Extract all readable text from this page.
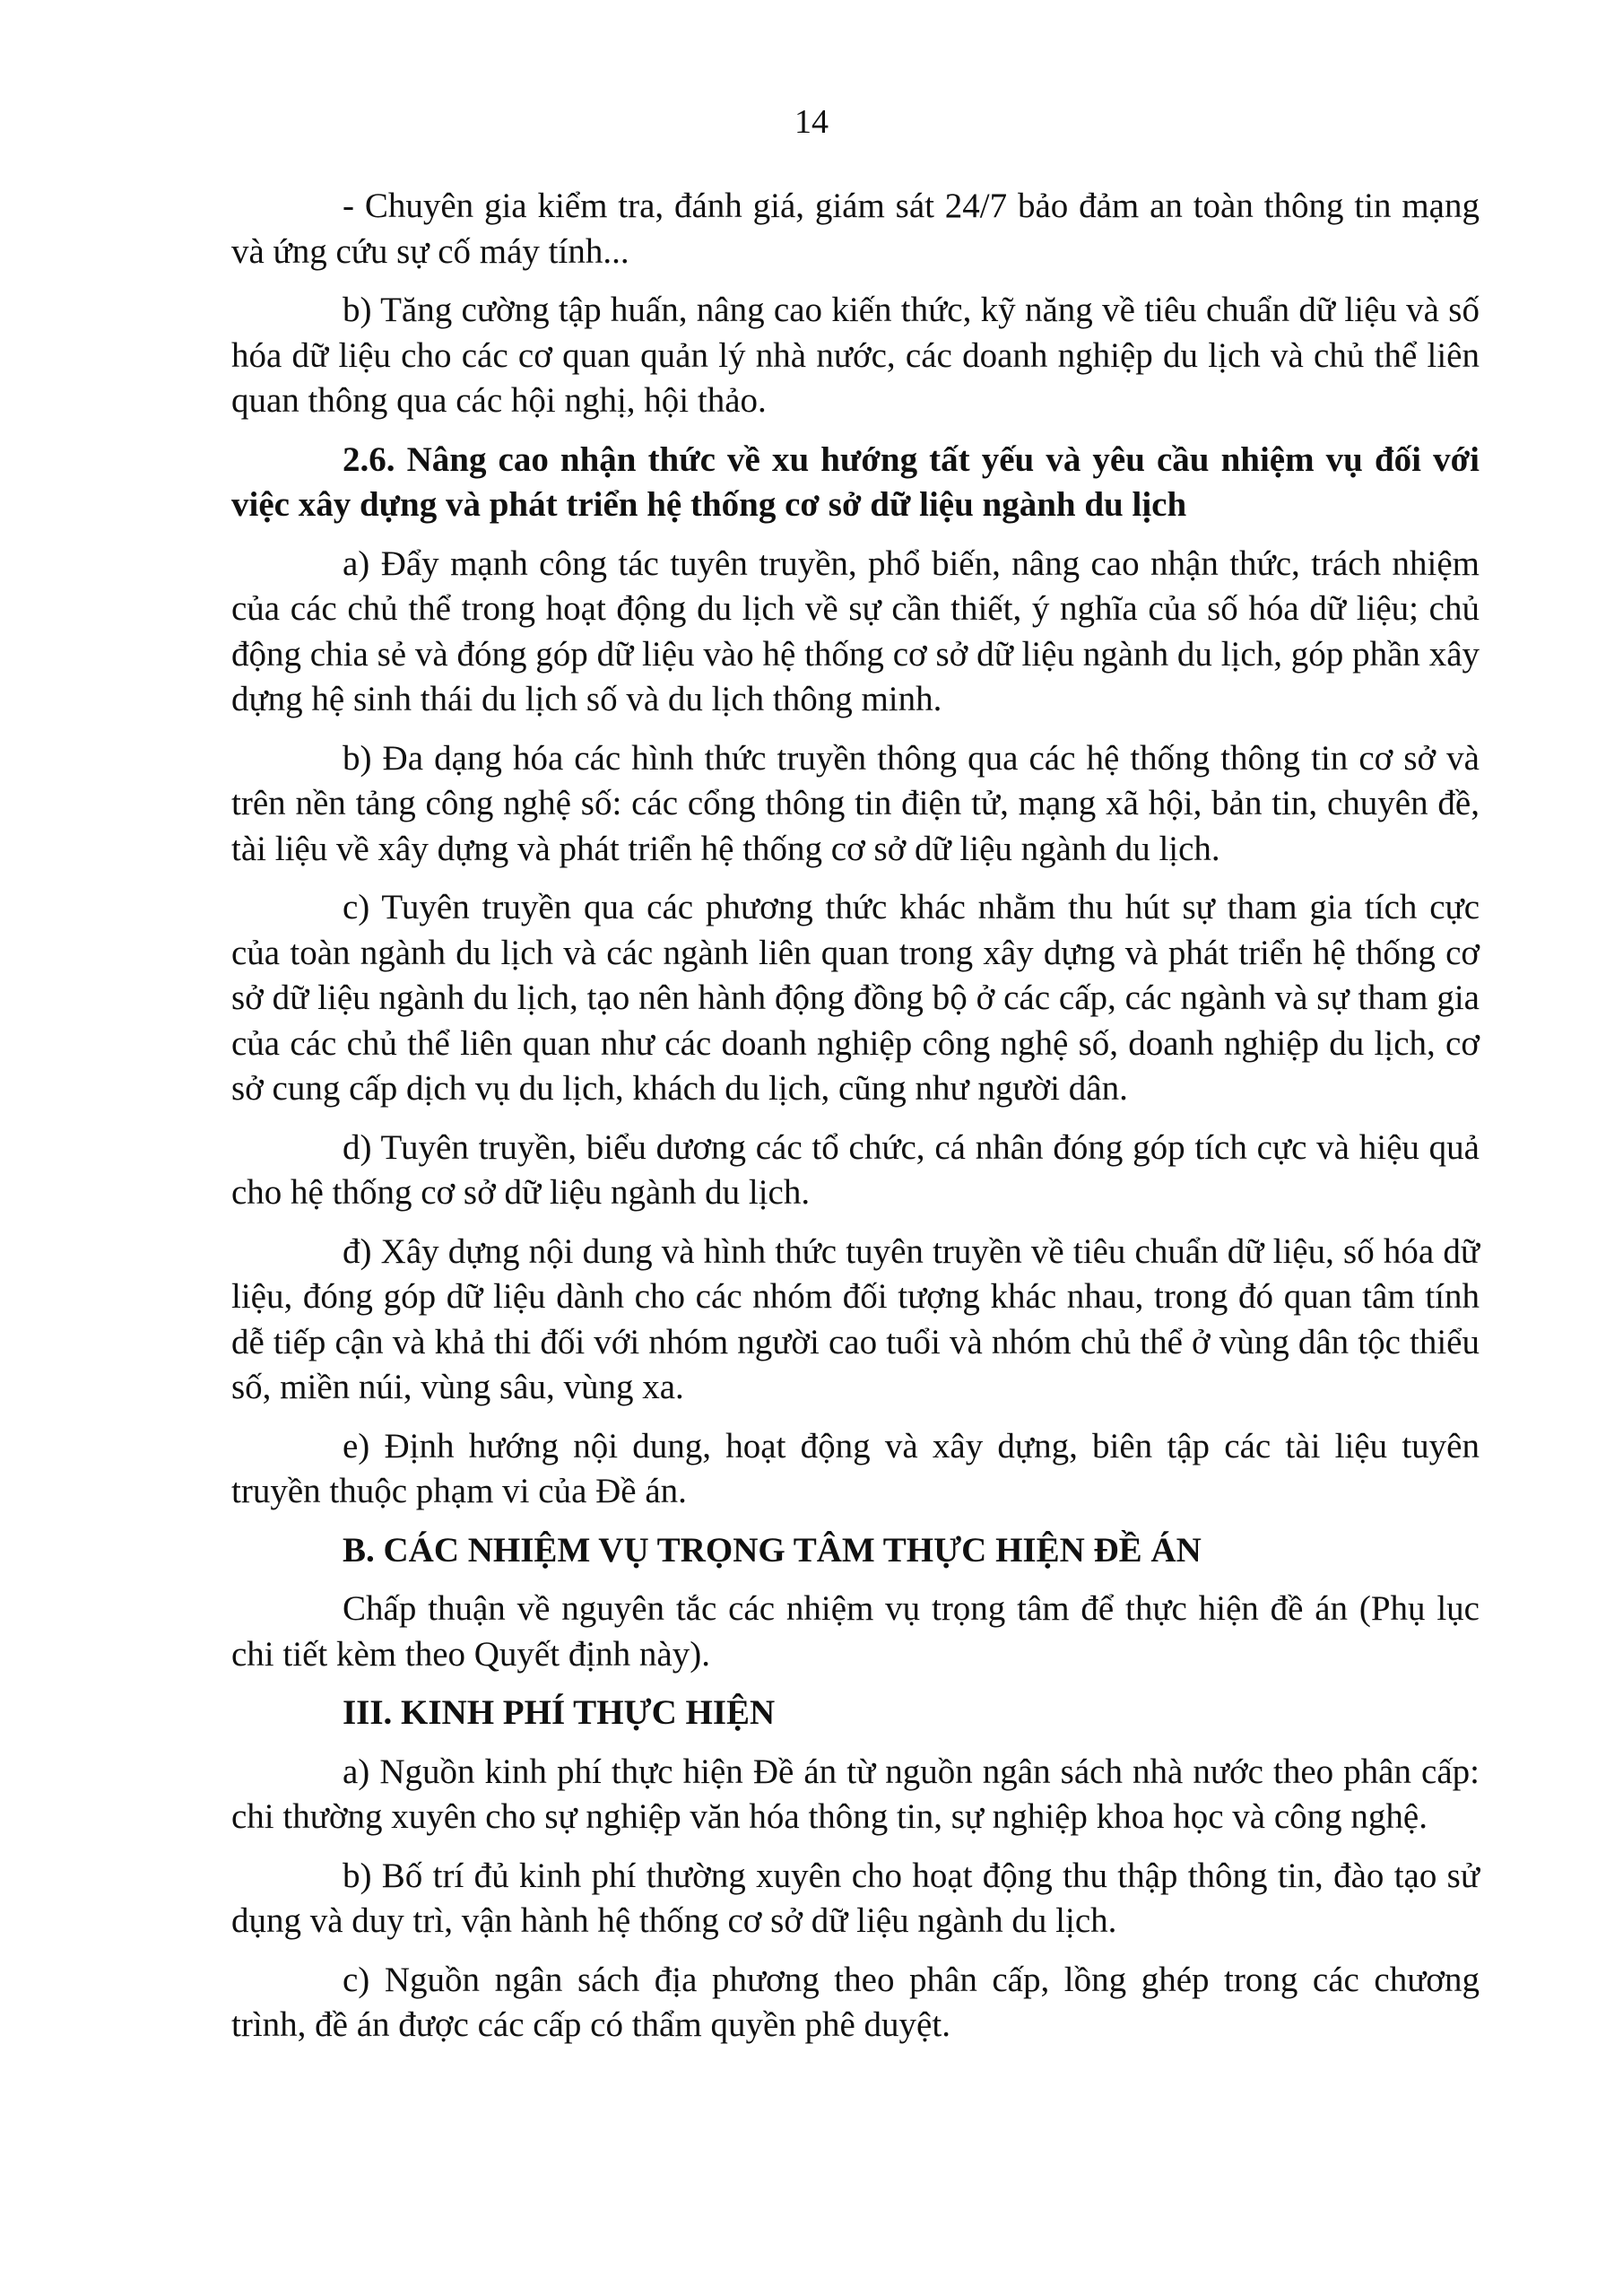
14

- Chuyên gia kiểm tra, đánh giá, giám sát 24/7 bảo đảm an toàn thông tin mạng và ứng cứu sự cố máy tính...

b) Tăng cường tập huấn, nâng cao kiến thức, kỹ năng về tiêu chuẩn dữ liệu và số hóa dữ liệu cho các cơ quan quản lý nhà nước, các doanh nghiệp du lịch và chủ thể liên quan thông qua các hội nghị, hội thảo.

2.6. Nâng cao nhận thức về xu hướng tất yếu và yêu cầu nhiệm vụ đối với việc xây dựng và phát triển hệ thống cơ sở dữ liệu ngành du lịch

a) Đẩy mạnh công tác tuyên truyền, phổ biến, nâng cao nhận thức, trách nhiệm của các chủ thể trong hoạt động du lịch về sự cần thiết, ý nghĩa của số hóa dữ liệu; chủ động chia sẻ và đóng góp dữ liệu vào hệ thống cơ sở dữ liệu ngành du lịch, góp phần xây dựng hệ sinh thái du lịch số và du lịch thông minh.

b) Đa dạng hóa các hình thức truyền thông qua các hệ thống thông tin cơ sở và trên nền tảng công nghệ số: các cổng thông tin điện tử, mạng xã hội, bản tin, chuyên đề, tài liệu về xây dựng và phát triển hệ thống cơ sở dữ liệu ngành du lịch.

c) Tuyên truyền qua các phương thức khác nhằm thu hút sự tham gia tích cực của toàn ngành du lịch và các ngành liên quan trong xây dựng và phát triển hệ thống cơ sở dữ liệu ngành du lịch, tạo nên hành động đồng bộ ở các cấp, các ngành và sự tham gia của các chủ thể liên quan như các doanh nghiệp công nghệ số, doanh nghiệp du lịch, cơ sở cung cấp dịch vụ du lịch, khách du lịch, cũng như người dân.

d) Tuyên truyền, biểu dương các tổ chức, cá nhân đóng góp tích cực và hiệu quả cho hệ thống cơ sở dữ liệu ngành du lịch.

đ) Xây dựng nội dung và hình thức tuyên truyền về tiêu chuẩn dữ liệu, số hóa dữ liệu, đóng góp dữ liệu dành cho các nhóm đối tượng khác nhau, trong đó quan tâm tính dễ tiếp cận và khả thi đối với nhóm người cao tuổi và nhóm chủ thể ở vùng dân tộc thiểu số, miền núi, vùng sâu, vùng xa.

e) Định hướng nội dung, hoạt động và xây dựng, biên tập các tài liệu tuyên truyền thuộc phạm vi của Đề án.

B. CÁC NHIỆM VỤ TRỌNG TÂM THỰC HIỆN ĐỀ ÁN

Chấp thuận về nguyên tắc các nhiệm vụ trọng tâm để thực hiện đề án (Phụ lục chi tiết kèm theo Quyết định này).

III. KINH PHÍ THỰC HIỆN

a) Nguồn kinh phí thực hiện Đề án từ nguồn ngân sách nhà nước theo phân cấp: chi thường xuyên cho sự nghiệp văn hóa thông tin, sự nghiệp khoa học và công nghệ.

b) Bố trí đủ kinh phí thường xuyên cho hoạt động thu thập thông tin, đào tạo sử dụng và duy trì, vận hành hệ thống cơ sở dữ liệu ngành du lịch.

c) Nguồn ngân sách địa phương theo phân cấp, lồng ghép trong các chương trình, đề án được các cấp có thẩm quyền phê duyệt.
